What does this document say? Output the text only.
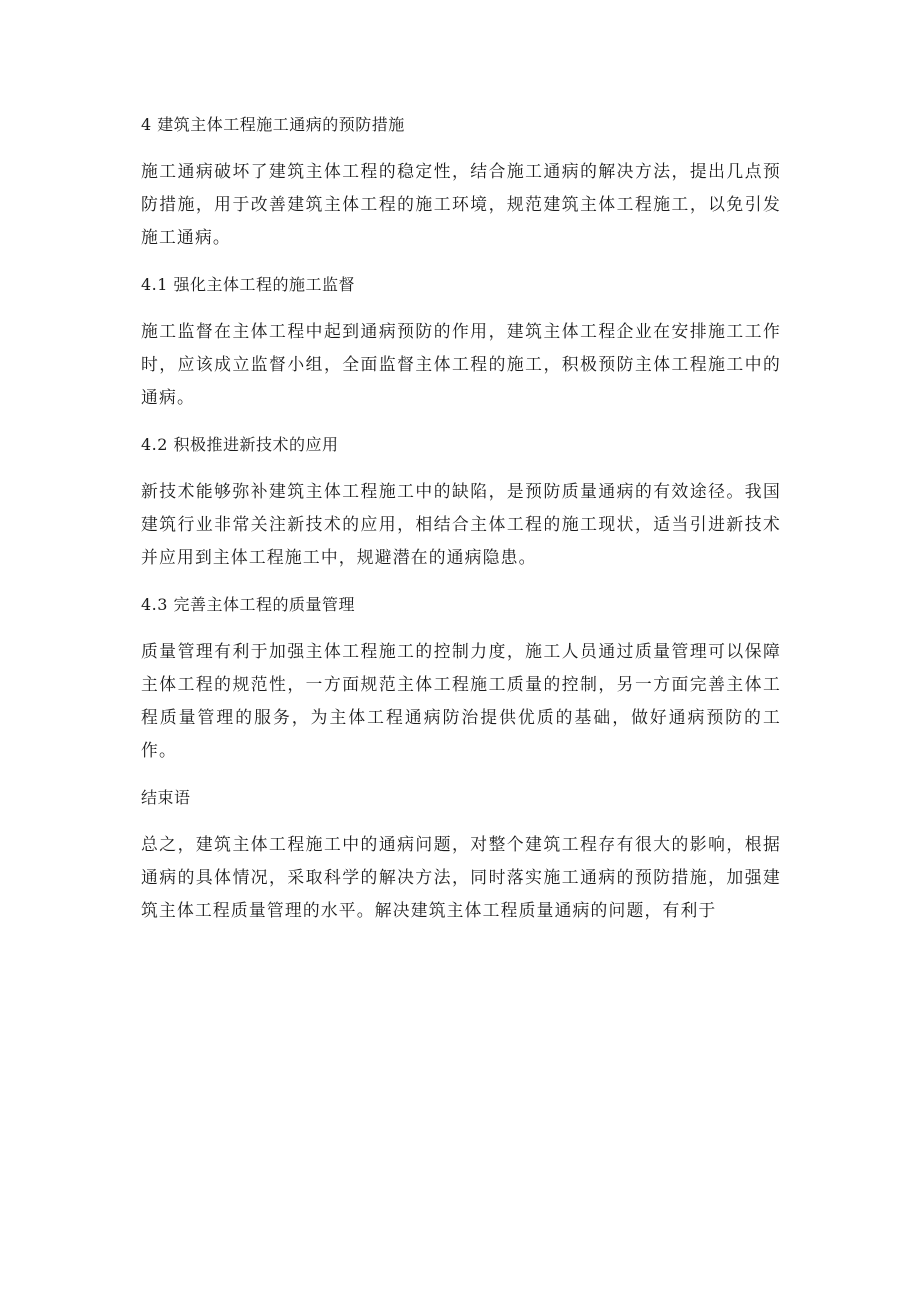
4 建筑主体工程施工通病的预防措施
施工通病破坏了建筑主体工程的稳定性，结合施工通病的解决方法，提出几点预防措施，用于改善建筑主体工程的施工环境，规范建筑主体工程施工，以免引发施工通病。
4.1 强化主体工程的施工监督
施工监督在主体工程中起到通病预防的作用，建筑主体工程企业在安排施工工作时，应该成立监督小组，全面监督主体工程的施工，积极预防主体工程施工中的通病。
4.2 积极推进新技术的应用
新技术能够弥补建筑主体工程施工中的缺陷，是预防质量通病的有效途径。我国建筑行业非常关注新技术的应用，相结合主体工程的施工现状，适当引进新技术并应用到主体工程施工中，规避潜在的通病隐患。
4.3 完善主体工程的质量管理
质量管理有利于加强主体工程施工的控制力度，施工人员通过质量管理可以保障主体工程的规范性，一方面规范主体工程施工质量的控制，另一方面完善主体工程质量管理的服务，为主体工程通病防治提供优质的基础，做好通病预防的工作。
结束语
总之，建筑主体工程施工中的通病问题，对整个建筑工程存有很大的影响，根据通病的具体情况，采取科学的解决方法，同时落实施工通病的预防措施，加强建筑主体工程质量管理的水平。解决建筑主体工程质量通病的问题，有利于
